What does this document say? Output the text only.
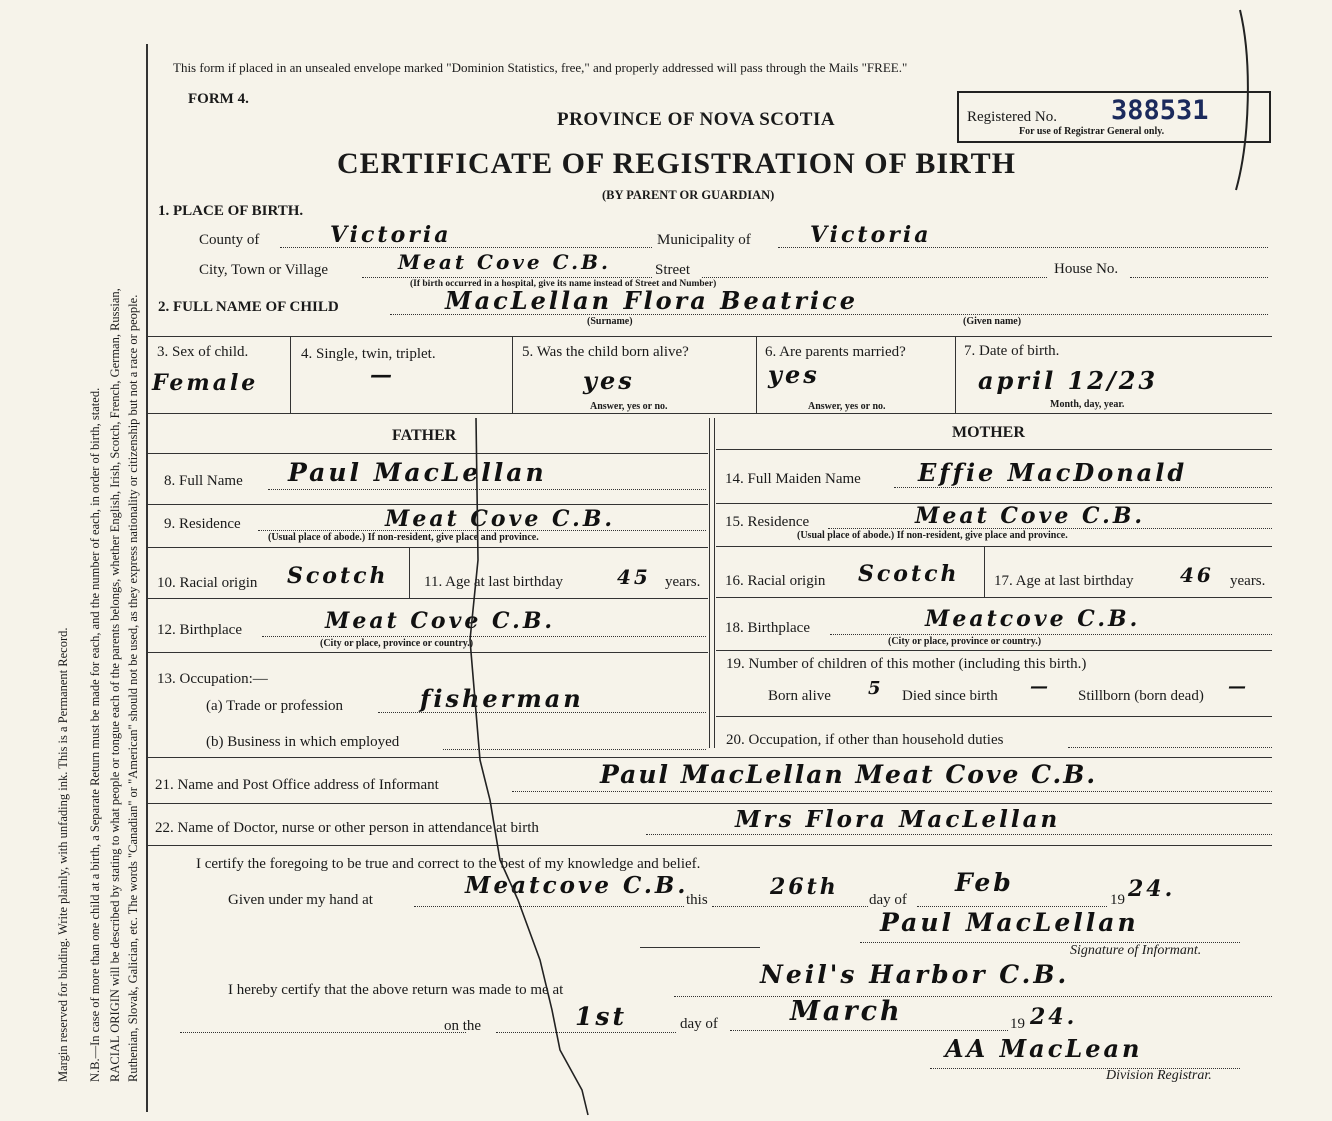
Margin reserved for binding. Write plainly, with unfading ink. This is a Permanent Record. N.B.—In case of more than one child at a birth, a Separate Return must be made for each, and the number of each, in order of birth, stated. RACIAL ORIGIN will be described by stating to what people or tongue each of the parents belongs, whether English, Irish, Scotch, French, German, Russian, Ruthenian, Slovak, Galician, etc. The words "Canadian" or "American" should not be used, as they express nationality or citizenship but not a race or people.
This form if placed in an unsealed envelope marked "Dominion Statistics, free," and properly addressed will pass through the Mails "FREE."
FORM 4.
Registered No. 388531
For use of Registrar General only.
PROVINCE OF NOVA SCOTIA
CERTIFICATE OF REGISTRATION OF BIRTH
(BY PARENT OR GUARDIAN)
1. PLACE OF BIRTH.
County of	Victoria	Municipality of	Victoria
City, Town or Village	Meat Cove C.B.	Street
(If birth occurred in a hospital, give its name instead of Street and Number)
House No.
2. FULL NAME OF CHILD	MacLellan Flora Beatrice
(Surname)	(Given name)
3. Sex of child.
Female
4. Single, twin, triplet.
—
5. Was the child born alive?
yes
Answer, yes or no.
6. Are parents married?
yes
Answer, yes or no.
7. Date of birth.
april 12/23
Month, day, year.
FATHER	MOTHER
8. Full Name Paul MacLellan
9. Residence	Meat Cove C.B.
(Usual place of abode.) If non-resident, give place and province.
10. Racial origin Scotch 11. Age at last birthday	45 years.
12. Birthplace	Meat Cove C.B.
(City or place, province or country.)
13. Occupation:—
(a) Trade or profession	fisherman
(b) Business in which employed
14. Full Maiden Name Effie MacDonald
15. Residence	Meat Cove C.B.
(Usual place of abode.) If non-resident, give place and province.
16. Racial origin Scotch 17. Age at last birthday 46 years.
18. Birthplace	Meatcove C.B.
(City or place, province or country.)
19. Number of children of this mother (including this birth.)
Born alive 5 Died since birth — Stillborn (born dead) —
20. Occupation, if other than household duties
21. Name and Post Office address of Informant	Paul MacLellan Meat Cove C.B.
22. Name of Doctor, nurse or other person in attendance at birth	Mrs Flora MacLellan
I certify the foregoing to be true and correct to the best of my knowledge and belief.
Given under my hand at
Meatcove C.B.
this	26th day of
Feb
19 24.
Paul MacLellan
Signature of Informant.
I hereby certify that the above return was made to me at
Neil's Harbor C.B.
on the	1st	day of	March	19 24.
AA MacLean
Division Registrar.
